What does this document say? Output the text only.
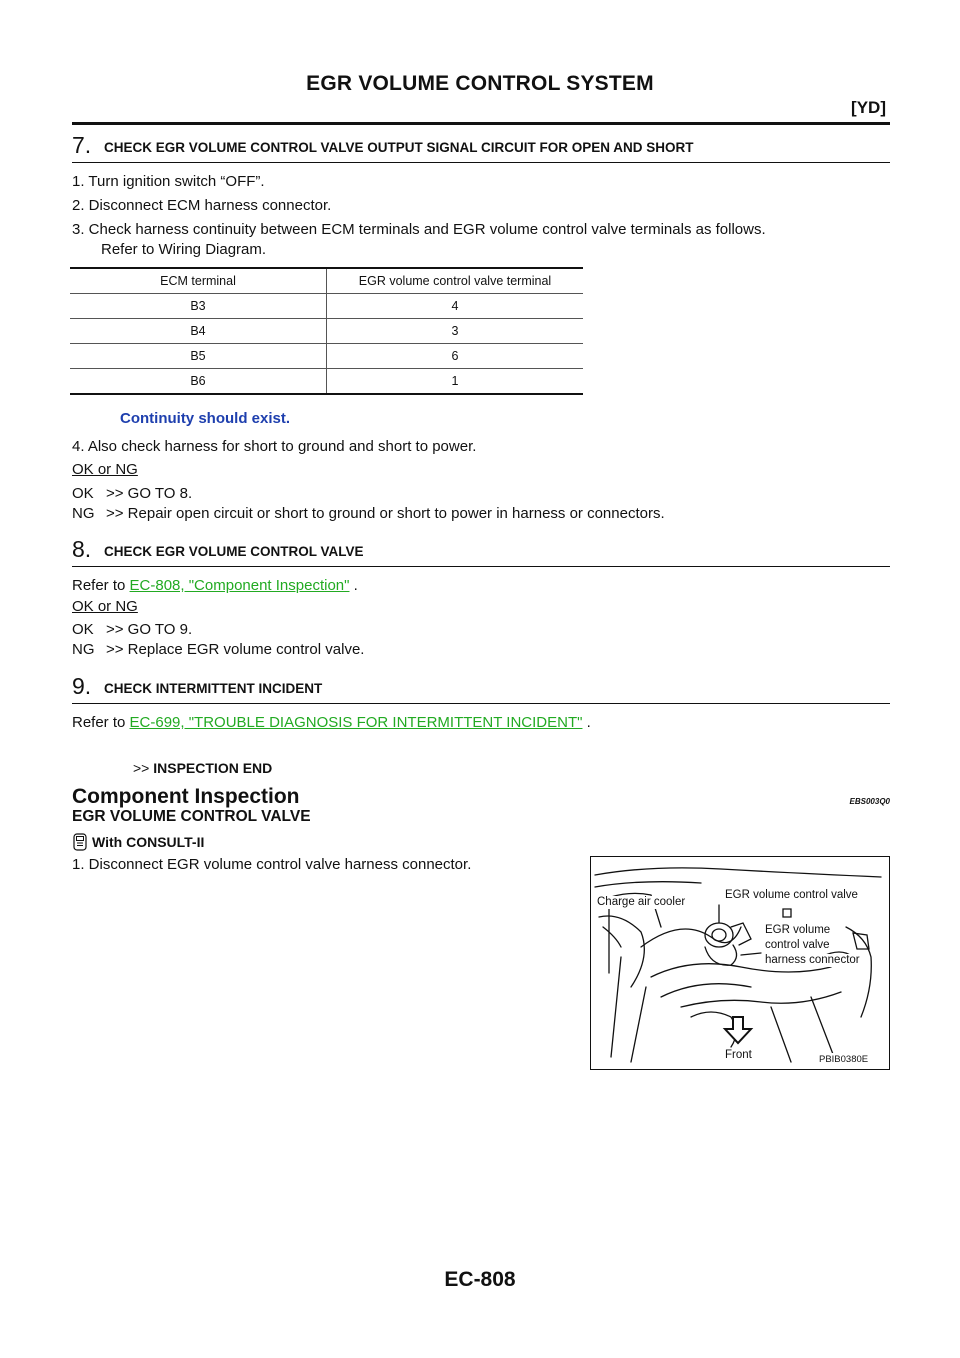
EGR VOLUME CONTROL SYSTEM
[YD]
7. CHECK EGR VOLUME CONTROL VALVE OUTPUT SIGNAL CIRCUIT FOR OPEN AND SHORT
1. Turn ignition switch “OFF”.
2. Disconnect ECM harness connector.
3. Check harness continuity between ECM terminals and EGR volume control valve terminals as follows.
Refer to Wiring Diagram.
ECM terminal	EGR volume control valve terminal
B3	4
B4	3
B5	6
B6	1
Continuity should exist.
4. Also check harness for short to ground and short to power.
OK or NG
OK >> GO TO 8.
NG >> Repair open circuit or short to ground or short to power in harness or connectors.
8. CHECK EGR VOLUME CONTROL VALVE
Refer to EC-808, "Component Inspection" .
OK or NG
OK >> GO TO 9.
NG >> Replace EGR volume control valve.
9. CHECK INTERMITTENT INCIDENT
Refer to EC-699, "TROUBLE DIAGNOSIS FOR INTERMITTENT INCIDENT" .
>> INSPECTION END
Component Inspection	EBS003Q0
EGR VOLUME CONTROL VALVE
With CONSULT-II
1. Disconnect EGR volume control valve harness connector.
Charge air cooler
EGR volume control valve
EGR volume
control valve
harness connector
Front	PBIB0380E
EC-808
